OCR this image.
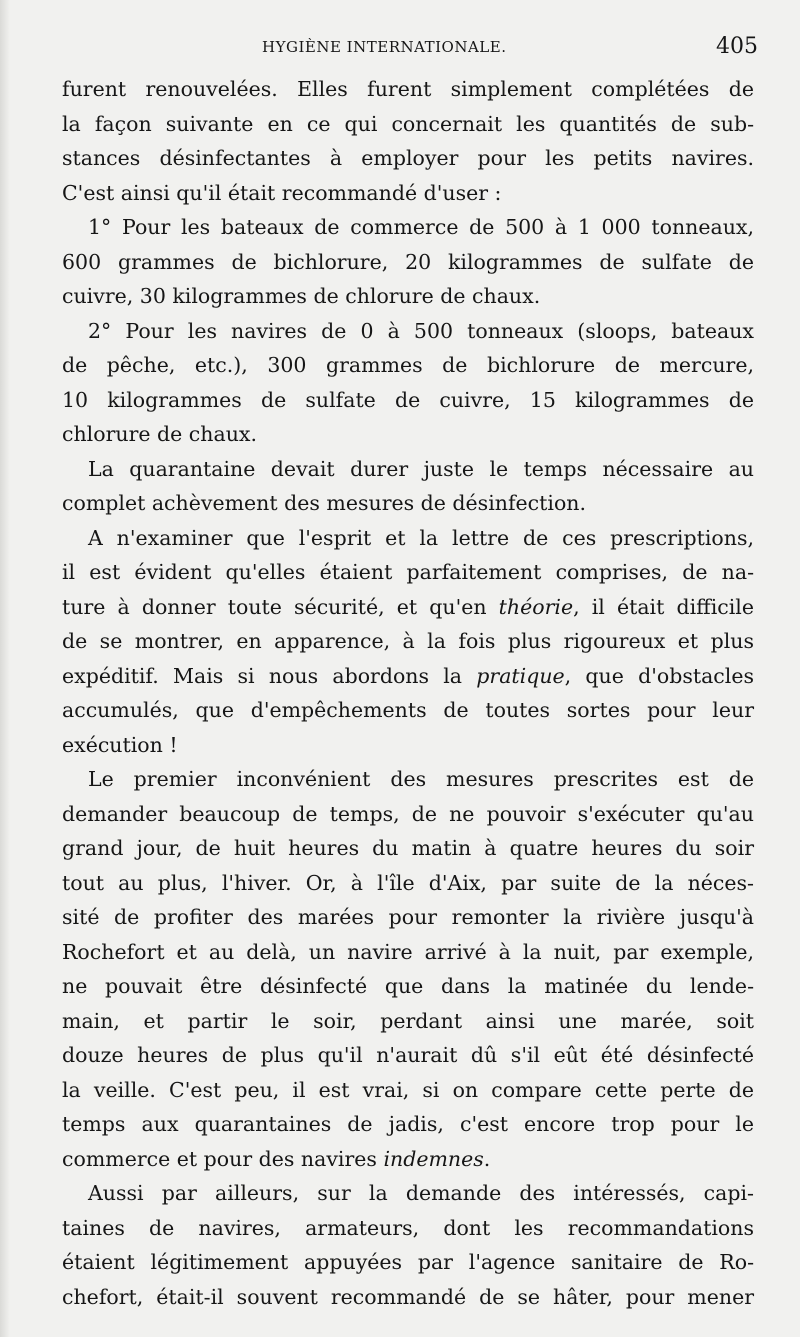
HYGIÈNE INTERNATIONALE.	405
furent renouvelées. Elles furent simplement complétées de
la façon suivante en ce qui concernait les quantités de sub-
stances désinfectantes à employer pour les petits navires.
C'est ainsi qu'il était recommandé d'user :
1° Pour les bateaux de commerce de 500 à 1 000 tonneaux,
600 grammes de bichlorure, 20 kilogrammes de sulfate de
cuivre, 30 kilogrammes de chlorure de chaux.
2° Pour les navires de 0 à 500 tonneaux (sloops, bateaux
de pêche, etc.), 300 grammes de bichlorure de mercure,
10 kilogrammes de sulfate de cuivre, 15 kilogrammes de
chlorure de chaux.
La quarantaine devait durer juste le temps nécessaire au
complet achèvement des mesures de désinfection.
A n'examiner que l'esprit et la lettre de ces prescriptions,
il est évident qu'elles étaient parfaitement comprises, de na-
ture à donner toute sécurité, et qu'en théorie, il était difficile
de se montrer, en apparence, à la fois plus rigoureux et plus
expéditif. Mais si nous abordons la pratique, que d'obstacles
accumulés, que d'empêchements de toutes sortes pour leur
exécution !
Le premier inconvénient des mesures prescrites est de
demander beaucoup de temps, de ne pouvoir s'exécuter qu'au
grand jour, de huit heures du matin à quatre heures du soir
tout au plus, l'hiver. Or, à l'île d'Aix, par suite de la néces-
sité de profiter des marées pour remonter la rivière jusqu'à
Rochefort et au delà, un navire arrivé à la nuit, par exemple,
ne pouvait être désinfecté que dans la matinée du lende-
main, et partir le soir, perdant ainsi une marée, soit
douze heures de plus qu'il n'aurait dû s'il eût été désinfecté
la veille. C'est peu, il est vrai, si on compare cette perte de
temps aux quarantaines de jadis, c'est encore trop pour le
commerce et pour des navires indemnes.
Aussi par ailleurs, sur la demande des intéressés, capi-
taines de navires, armateurs, dont les recommandations
étaient légitimement appuyées par l'agence sanitaire de Ro-
chefort, était-il souvent recommandé de se hâter, pour mener
